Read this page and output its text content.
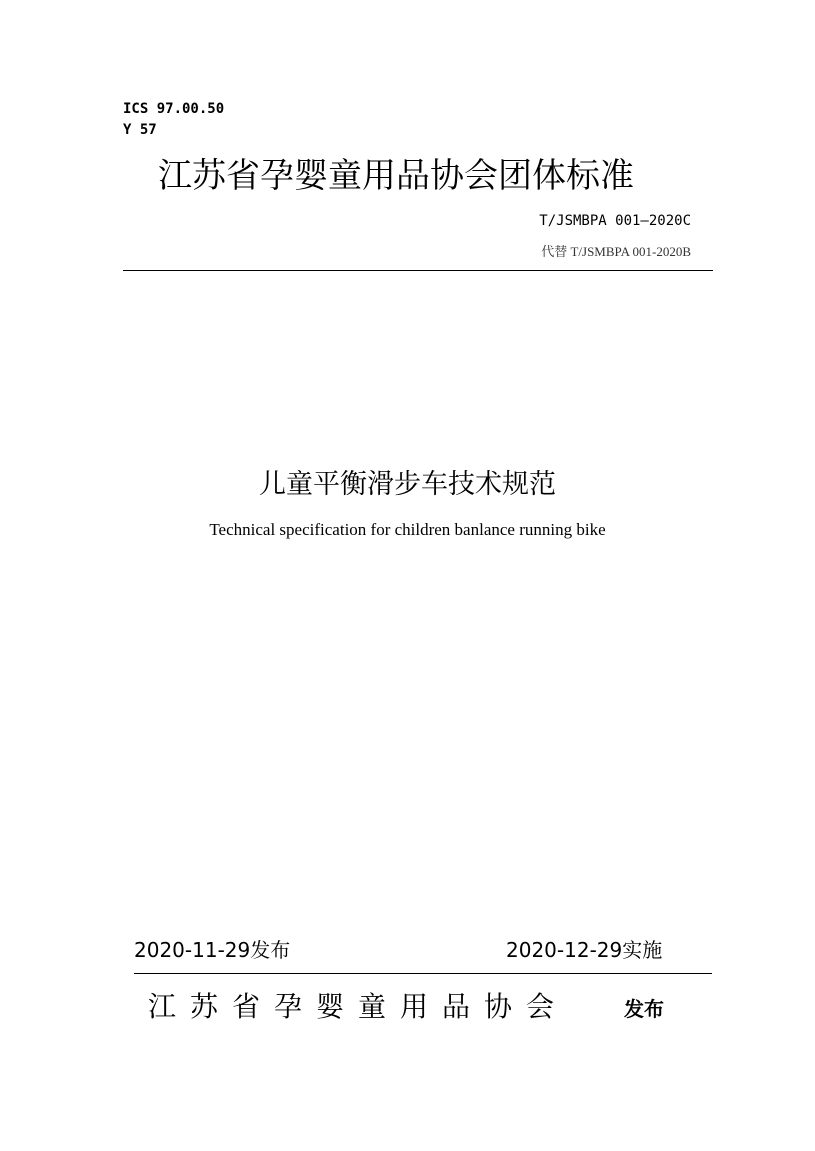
ICS 97.00.50
Y 57
江苏省孕婴童用品协会团体标准
T/JSMBPA 001—2020C
代替 T/JSMBPA 001-2020B
儿童平衡滑步车技术规范
Technical specification for children banlance running bike
2020-11-29发布	2020-12-29实施
江苏省孕婴童用品协会	发布
